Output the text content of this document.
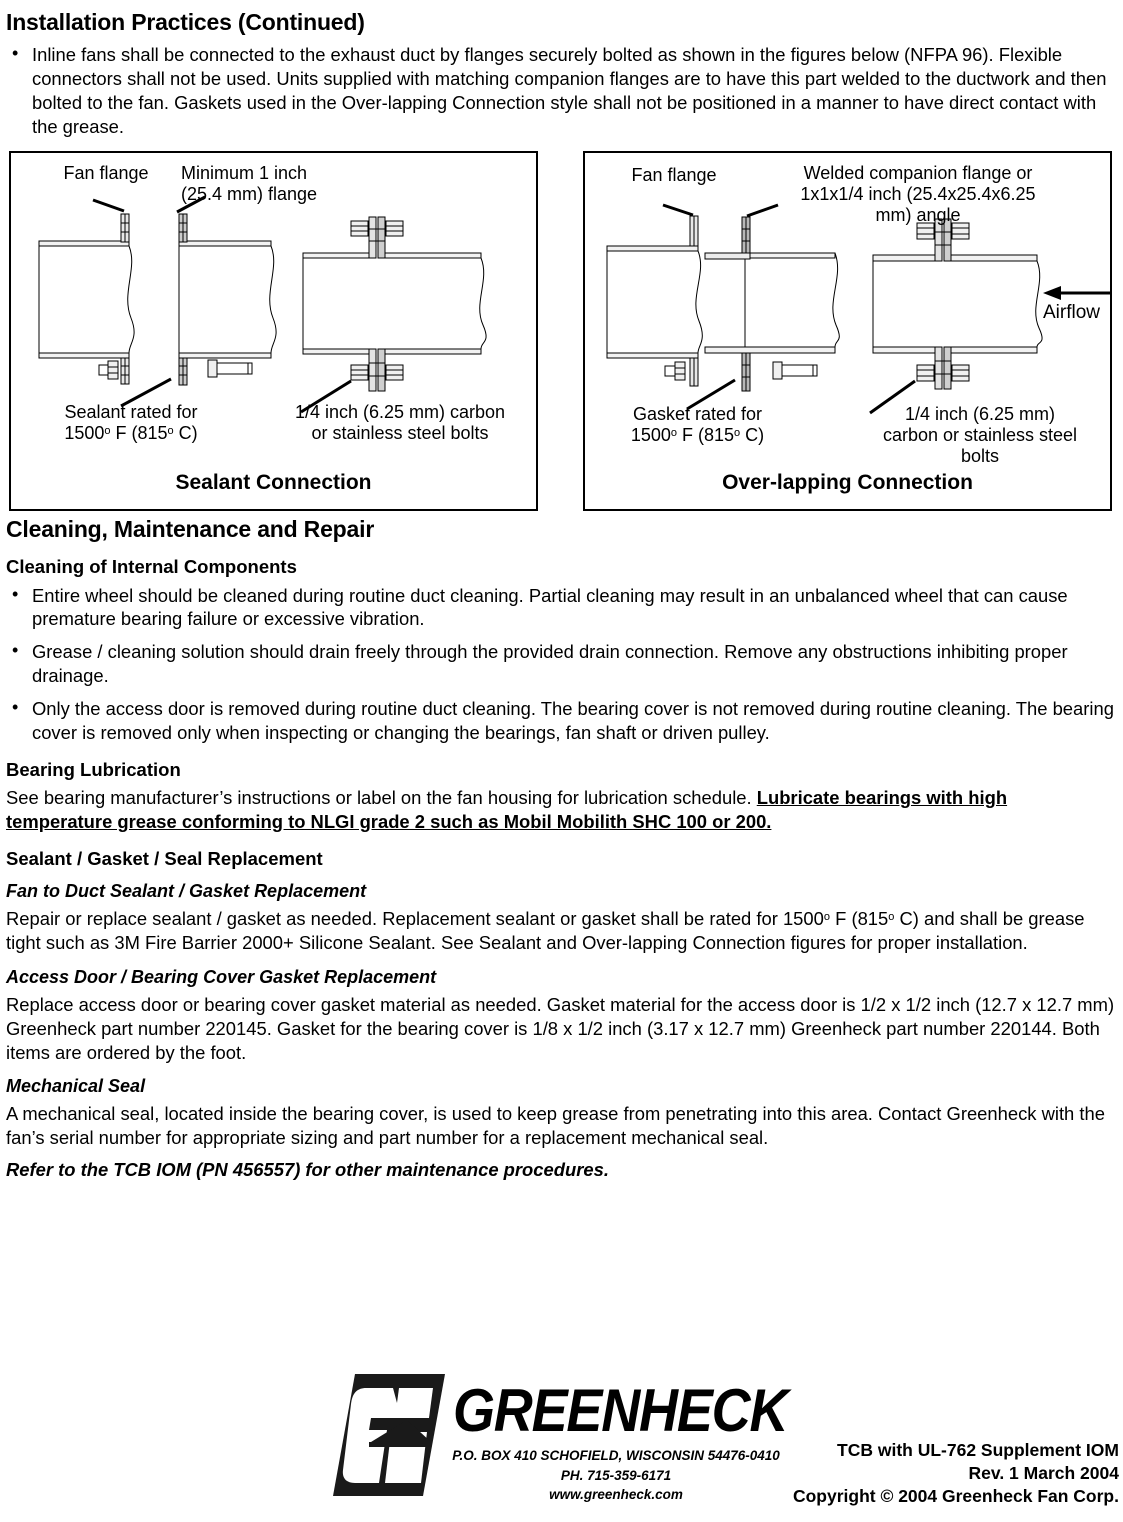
Installation Practices (Continued)
• Inline fans shall be connected to the exhaust duct by flanges securely bolted as shown in the figures below (NFPA 96). Flexible connectors shall not be used. Units supplied with matching companion flanges are to have this part welded to the ductwork and then bolted to the fan. Gaskets used in the Over-lapping Connection style shall not be positioned in a manner to have direct contact with the grease.
Fan flange	Minimum 1 inch
(25.4 mm) flange
Sealant rated for
1500$^o$ F (815$^o$ C)
1/4 inch (6.25 mm) carbon
or stainless steel bolts
Sealant Connection
Fan flange	Welded companion flange or
1x1x1/4 inch (25.4x25.4x6.25
mm) angle
Gasket rated for
1500$^o$ F (815$^o$ C)
1/4 inch (6.25 mm)
carbon or stainless steel
bolts
Airflow
Over-lapping Connection
Cleaning, Maintenance and Repair
Cleaning of Internal Components
• Entire wheel should be cleaned during routine duct cleaning. Partial cleaning may result in an unbalanced wheel that can cause premature bearing failure or excessive vibration.
• Grease / cleaning solution should drain freely through the provided drain connection. Remove any obstructions inhibiting proper drainage.
• Only the access door is removed during routine duct cleaning. The bearing cover is not removed during routine cleaning. The bearing cover is removed only when inspecting or changing the bearings, fan shaft or driven pulley.
Bearing Lubrication

See bearing manufacturer’s instructions or label on the fan housing for lubrication schedule. Lubricate bearings with high temperature grease conforming to NLGI grade 2 such as Mobil Mobilith SHC 100 or 200.

Sealant / Gasket / Seal Replacement
Fan to Duct Sealant / Gasket Replacement

Repair or replace sealant / gasket as needed. Replacement sealant or gasket shall be rated for 1500$^o$ F (815$^o$ C) and shall be grease tight such as 3M Fire Barrier 2000+ Silicone Sealant. See Sealant and Over-lapping Connection figures for proper installation.

Access Door / Bearing Cover Gasket Replacement

Replace access door or bearing cover gasket material as needed. Gasket material for the access door is 1/2 x 1/2 inch (12.7 x 12.7 mm) Greenheck part number 220145. Gasket for the bearing cover is 1/8 x 1/2 inch (3.17 x 12.7 mm) Greenheck part number 220144. Both items are ordered by the foot.

Mechanical Seal

A mechanical seal, located inside the bearing cover, is used to keep grease from penetrating into this area. Contact Greenheck with the fan’s serial number for appropriate sizing and part number for a replacement mechanical seal.

Refer to the TCB IOM (PN 456557) for other maintenance procedures.

GREENHECK
P.O. BOX 410 SCHOFIELD, WISCONSIN 54476-0410
PH. 715-359-6171
www.greenheck.com
TCB with UL-762 Supplement IOM
Rev. 1 March 2004
Copyright © 2004 Greenheck Fan Corp.
